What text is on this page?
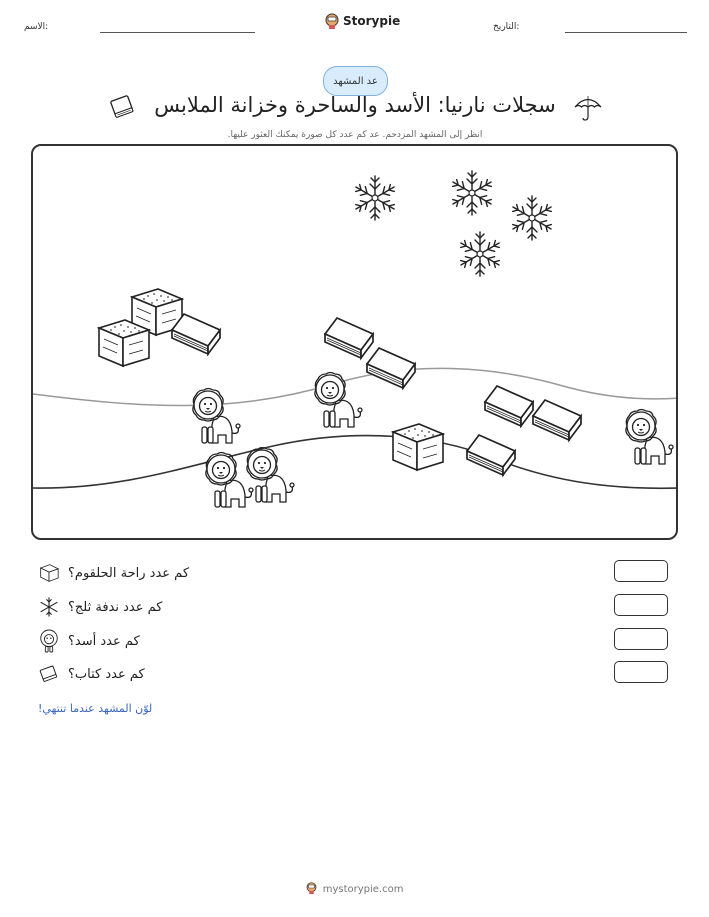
الاسم:	Storypie	التاريخ:
عد المشهد
سجلات نارنيا: الأسد والساحرة وخزانة الملابس
انظر إلى المشهد المزدحم. عد كم عدد كل صورة يمكنك العثور عليها.
كم عدد راحة الحلقوم؟
كم عدد ندفة ثلج؟
كم عدد أسد؟
كم عدد كتاب؟
لوّن المشهد عندما تنتهي!
mystorypie.com
